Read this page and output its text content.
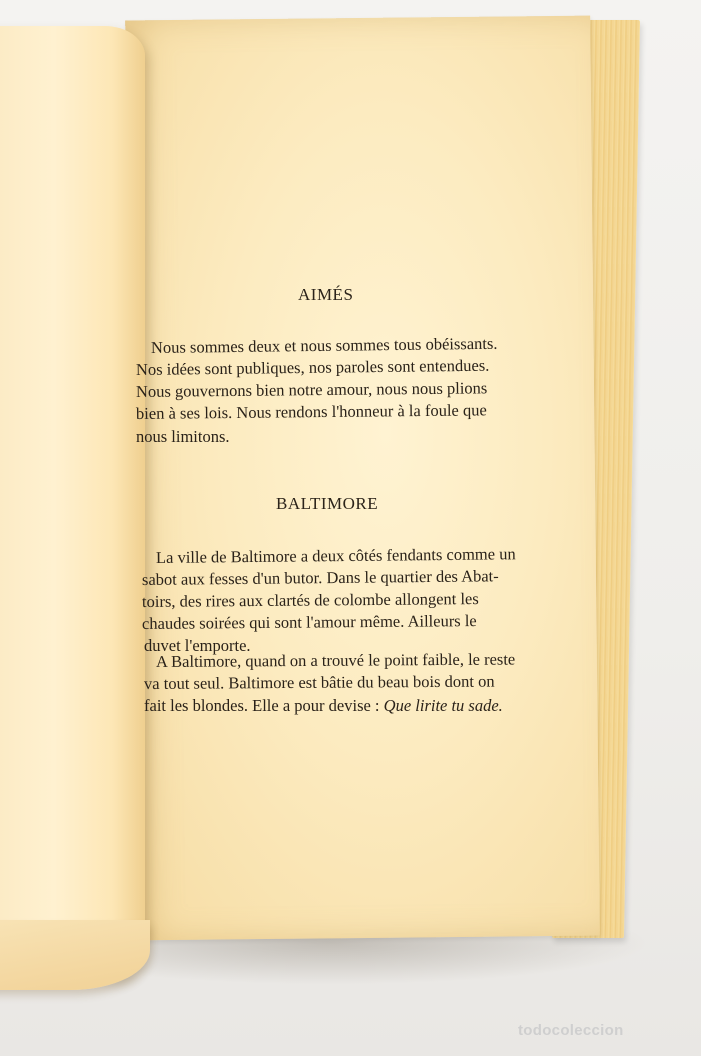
AIMÉS
Nous sommes deux et nous sommes tous obéissants.
Nos idées sont publiques, nos paroles sont entendues.
Nous gouvernons bien notre amour, nous nous plions
bien à ses lois. Nous rendons l'honneur à la foule que
nous limitons.
BALTIMORE
La ville de Baltimore a deux côtés fendants comme un
sabot aux fesses d'un butor. Dans le quartier des Abat-
toirs, des rires aux clartés de colombe allongent les
chaudes soirées qui sont l'amour même. Ailleurs le
duvet l'emporte.
A Baltimore, quand on a trouvé le point faible, le reste
va tout seul. Baltimore est bâtie du beau bois dont on
fait les blondes. Elle a pour devise : Que lirite tu sade.
todocoleccion
